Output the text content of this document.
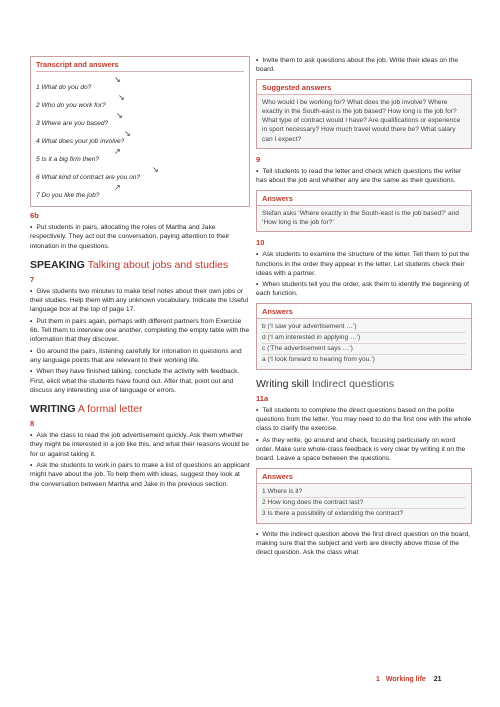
Transcript and answers
↘
1 What do you do?
↘
2 Who do you work for?
↘
3 Where are you based?
↘
4 What does your job involve?
↗
5 Is it a big firm then?
↘
6 What kind of contract are you on?
↗
7 Do you like the job?
6b

• Put students in pairs, allocating the roles of Martha and Jake respectively. They act out the conversation, paying attention to their intonation in the questions.

SPEAKING Talking about jobs and studies
7

• Give students two minutes to make brief notes about their own jobs or their studies. Help them with any unknown vocabulary. Indicate the Useful language box at the top of page 17.

• Put them in pairs again, perhaps with different partners from Exercise 6b. Tell them to interview one another, completing the empty table with the information that they discover.

• Go around the pairs, listening carefully for intonation in questions and any language points that are relevant to their working life.

• When they have finished talking, conclude the activity with feedback. First, elicit what the students have found out. After that, point out and discuss any interesting use of language or errors.

WRITING A formal letter
8

• Ask the class to read the job advertisement quickly. Ask them whether they might be interested in a job like this, and what their reasons would be for or against taking it.

• Ask the students to work in pairs to make a list of questions an applicant might have about the job. To help them with ideas, suggest they look at the conversation between Martha and Jake in the previous section.

• Invite them to ask questions about the job. Write their ideas on the board.

Suggested answers
Who would I be working for? What does the job involve? Where exactly in the South-east is the job based? How long is the job for? What type of contract would I have? Are qualifications or experience in sport necessary? How much travel would there be? What salary can I expect?
9

• Tell students to read the letter and check which questions the writer has about the job and whether any are the same as their questions.

Answers
Stefan asks ‘Where exactly in the South-east is the job based?’ and ‘How long is the job for?’
10

• Ask students to examine the structure of the letter. Tell them to put the functions in the order they appear in the letter. Let students check their ideas with a partner.

• When students tell you the order, ask them to identify the beginning of each function.

Answers
b (‘I saw your advertisement …’)
d (‘I am interested in applying …’)
c (‘The advertisement says …’)
a (‘I look forward to hearing from you.’)
Writing skill Indirect questions
11a

• Tell students to complete the direct questions based on the polite questions from the letter. You may need to do the first one with the whole class to clarify the exercise.

• As they write, go around and check, focusing particularly on word order. Make sure whole-class feedback is very clear by writing it on the board. Leave a space between the questions.

Answers
1 Where is it?
2 How long does the contract last?
3 Is there a possibility of extending the contract?

• Write the indirect question above the first direct question on the board, making sure that the subject and verb are directly above those of the direct question. Ask the class what

1 Working life 21
